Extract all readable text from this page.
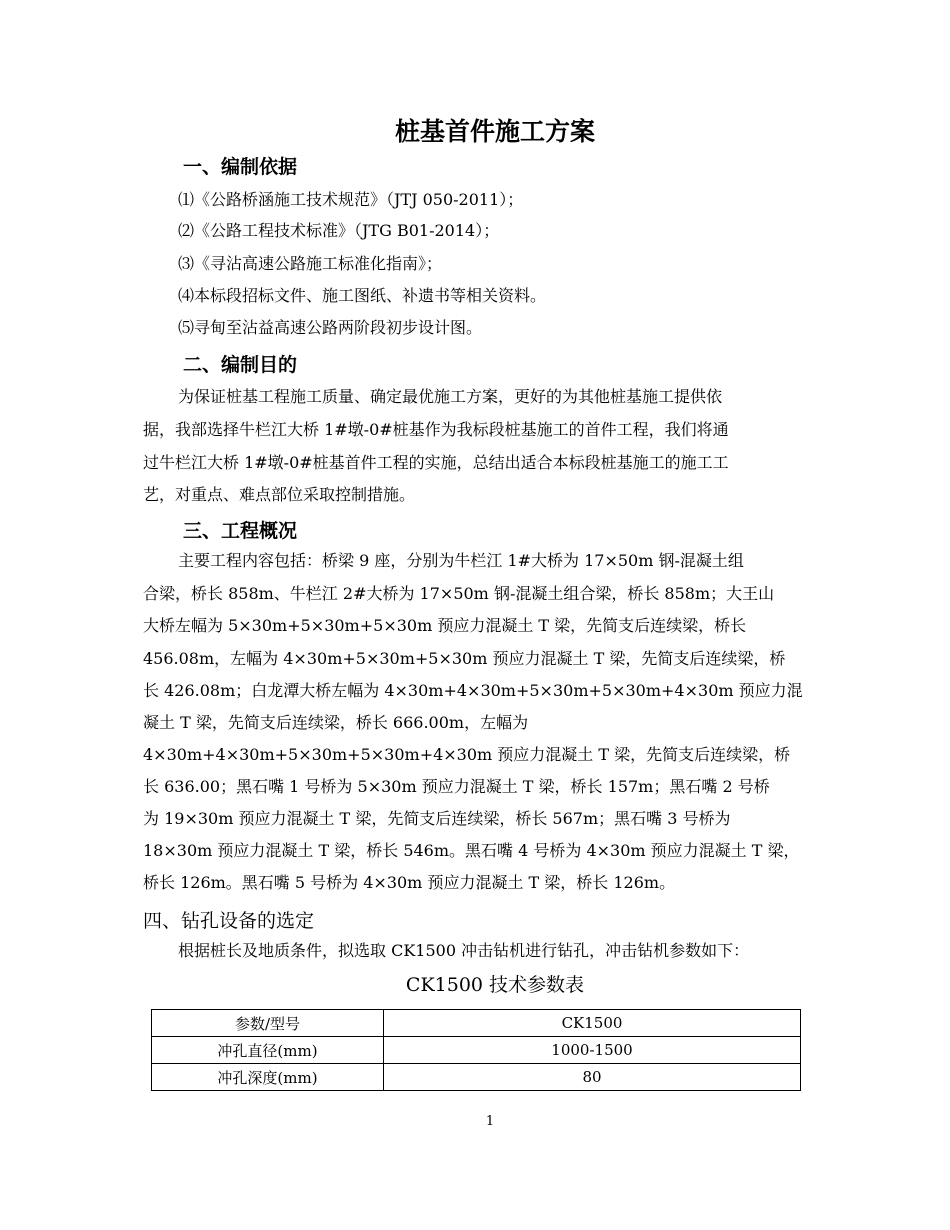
桩基首件施工方案
一、编制依据
⑴《公路桥涵施工技术规范》（JTJ 050-2011）；
⑵《公路工程技术标准》（JTG B01-2014）；
⑶《寻沾高速公路施工标准化指南》；
⑷本标段招标文件、施工图纸、补遗书等相关资料。
⑸寻甸至沾益高速公路两阶段初步设计图。
二、编制目的
为保证桩基工程施工质量、确定最优施工方案，更好的为其他桩基施工提供依
据，我部选择牛栏江大桥 1#墩-0#桩基作为我标段桩基施工的首件工程，我们将通
过牛栏江大桥 1#墩-0#桩基首件工程的实施，总结出适合本标段桩基施工的施工工
艺，对重点、难点部位采取控制措施。
三、工程概况
主要工程内容包括：桥梁 9 座，分别为牛栏江 1#大桥为 17×50m 钢-混凝土组
合梁，桥长 858m、牛栏江 2#大桥为 17×50m 钢-混凝土组合梁，桥长 858m；大王山
大桥左幅为 5×30m+5×30m+5×30m 预应力混凝土 T 梁，先简支后连续梁，桥长
456.08m，左幅为 4×30m+5×30m+5×30m 预应力混凝土 T 梁，先简支后连续梁，桥
长 426.08m；白龙潭大桥左幅为 4×30m+4×30m+5×30m+5×30m+4×30m 预应力混
凝土 T 梁，先简支后连续梁，桥长 666.00m，左幅为
4×30m+4×30m+5×30m+5×30m+4×30m 预应力混凝土 T 梁，先简支后连续梁，桥
长 636.00；黑石嘴 1 号桥为 5×30m 预应力混凝土 T 梁，桥长 157m；黑石嘴 2 号桥
为 19×30m 预应力混凝土 T 梁，先简支后连续梁，桥长 567m；黑石嘴 3 号桥为
18×30m 预应力混凝土 T 梁，桥长 546m。黑石嘴 4 号桥为 4×30m 预应力混凝土 T 梁，
桥长 126m。黑石嘴 5 号桥为 4×30m 预应力混凝土 T 梁，桥长 126m。
四、钻孔设备的选定
根据桩长及地质条件，拟选取 CK1500 冲击钻机进行钻孔，冲击钻机参数如下：
CK1500 技术参数表
参数/型号	CK1500
冲孔直径(mm)	1000-1500
冲孔深度(mm)	80
1
